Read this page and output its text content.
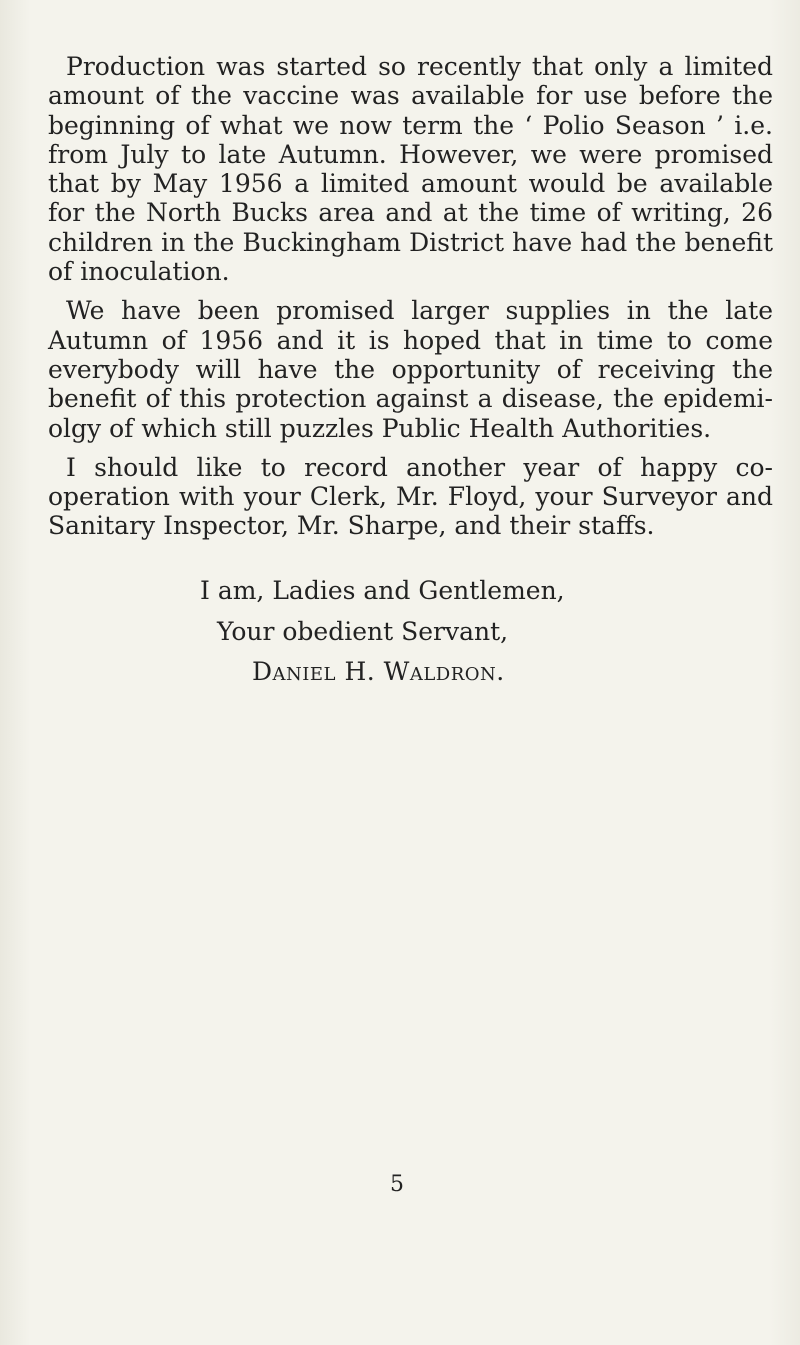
Production was started so recently that only a limited amount of the vaccine was available for use before the beginning of what we now term the ‘ Polio Season ’ i.e. from July to late Autumn. However, we were promised that by May 1956 a limited amount would be available for the North Bucks area and at the time of writing, 26 children in the Buckingham District have had the benefit of inoculation.

We have been promised larger supplies in the late Autumn of 1956 and it is hoped that in time to come everybody will have the opportunity of receiving the benefit of this protection against a disease, the epidemi-olgy of which still puzzles Public Health Authorities.

I should like to record another year of happy co-operation with your Clerk, Mr. Floyd, your Surveyor and Sanitary Inspector, Mr. Sharpe, and their staffs.

I am, Ladies and Gentlemen,
Your obedient Servant,
Daniel H. Waldron.
5
